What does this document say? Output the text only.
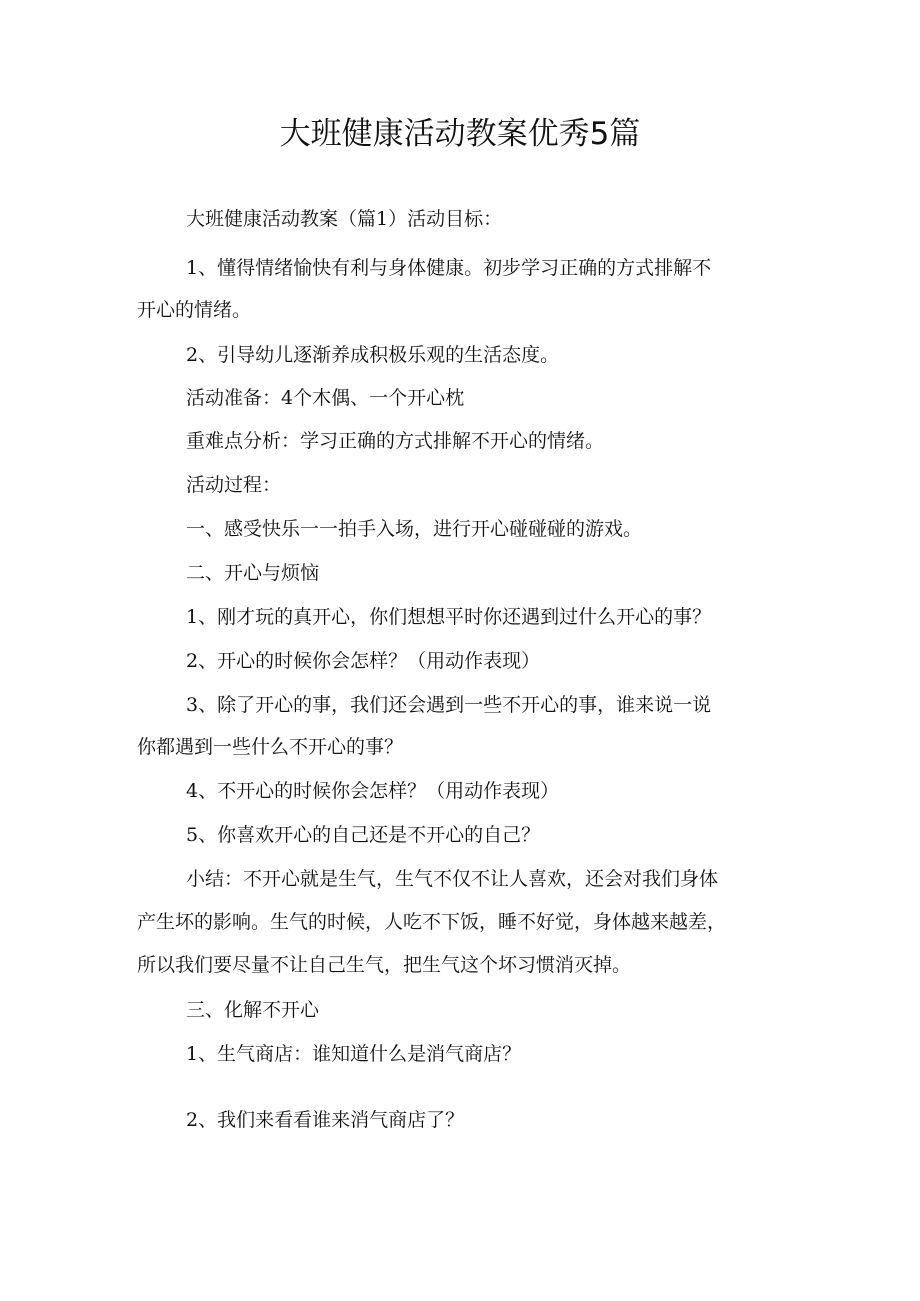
大班健康活动教案优秀5篇
大班健康活动教案（篇1）活动目标：
1、懂得情绪愉快有利与身体健康。初步学习正确的方式排解不
开心的情绪。
2、引导幼儿逐渐养成积极乐观的生活态度。
活动准备：4个木偶、一个开心枕
重难点分析：学习正确的方式排解不开心的情绪。
活动过程：
一、感受快乐一一拍手入场，进行开心碰碰碰的游戏。
二、开心与烦恼
1、刚才玩的真开心，你们想想平时你还遇到过什么开心的事？
2、开心的时候你会怎样？（用动作表现）
3、除了开心的事，我们还会遇到一些不开心的事，谁来说一说
你都遇到一些什么不开心的事？
4、不开心的时候你会怎样？（用动作表现）
5、你喜欢开心的自己还是不开心的自己？
小结：不开心就是生气，生气不仅不让人喜欢，还会对我们身体
产生坏的影响。生气的时候，人吃不下饭，睡不好觉，身体越来越差，
所以我们要尽量不让自己生气，把生气这个坏习惯消灭掉。
三、化解不开心
1、生气商店：谁知道什么是消气商店？
2、我们来看看谁来消气商店了？
